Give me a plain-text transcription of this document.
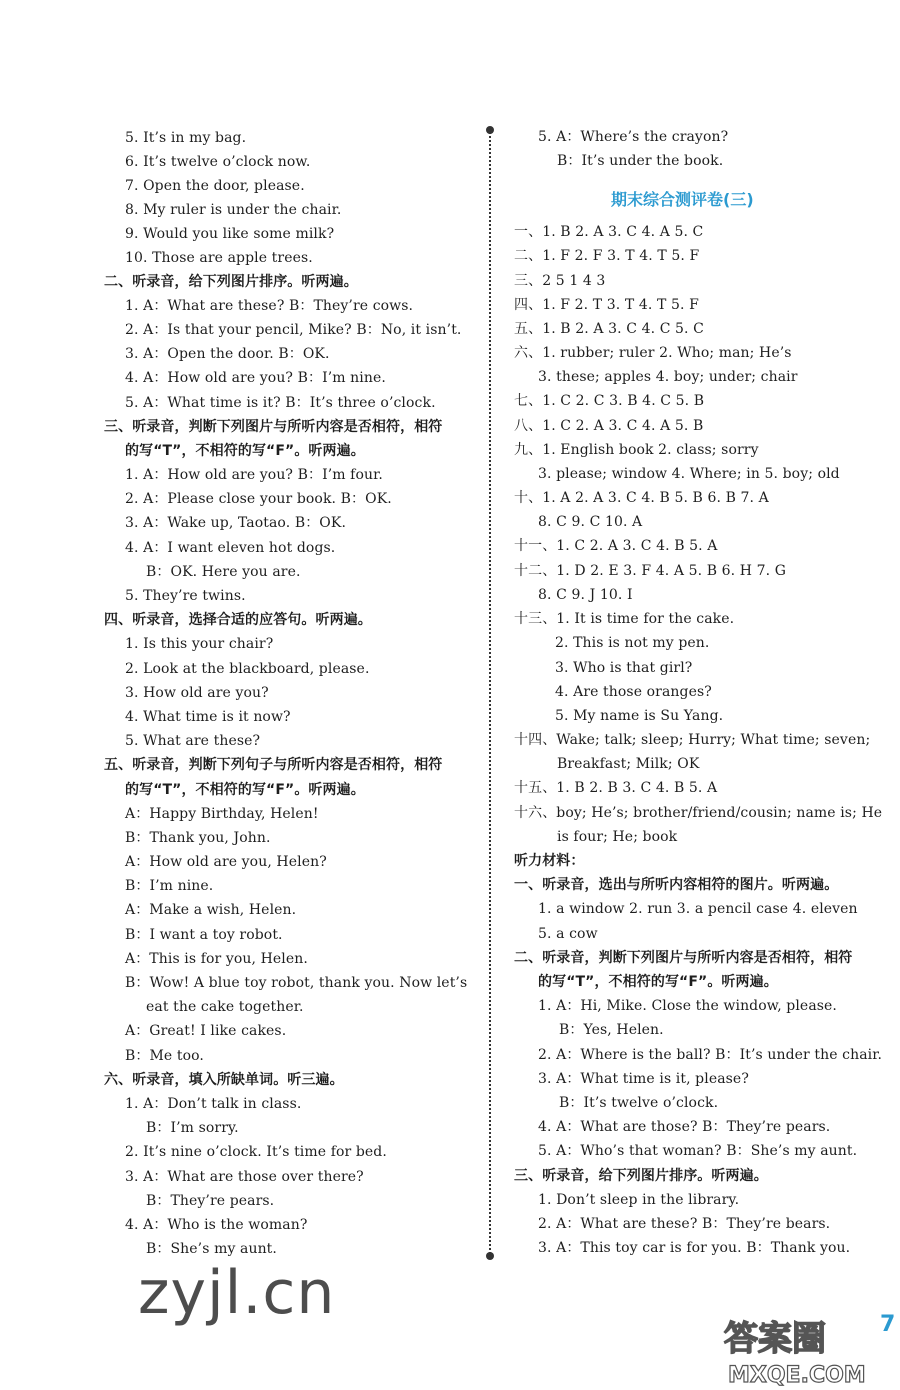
5. It’s in my bag.
6. It’s twelve o’clock now.
7. Open the door, please.
8. My ruler is under the chair.
9. Would you like some milk?
10. Those are apple trees.
二、听录音，给下列图片排序。听两遍。
1. A：What are these? B：They’re cows.
2. A：Is that your pencil, Mike? B：No, it isn’t.
3. A：Open the door. B：OK.
4. A：How old are you? B：I’m nine.
5. A：What time is it? B：It’s three o’clock.
三、听录音，判断下列图片与所听内容是否相符，相符
的写“T”，不相符的写“F”。听两遍。
1. A：How old are you? B：I’m four.
2. A：Please close your book. B：OK.
3. A：Wake up, Taotao. B：OK.
4. A：I want eleven hot dogs.
B：OK. Here you are.
5. They’re twins.
四、听录音，选择合适的应答句。听两遍。
1. Is this your chair?
2. Look at the blackboard, please.
3. How old are you?
4. What time is it now?
5. What are these?
五、听录音，判断下列句子与所听内容是否相符，相符
的写“T”，不相符的写“F”。听两遍。
A：Happy Birthday, Helen!
B：Thank you, John.
A：How old are you, Helen?
B：I’m nine.
A：Make a wish, Helen.
B：I want a toy robot.
A：This is for you, Helen.
B：Wow! A blue toy robot, thank you. Now let’s
eat the cake together.
A：Great! I like cakes.
B：Me too.
六、听录音，填入所缺单词。听三遍。
1. A：Don’t talk in class.
B：I’m sorry.
2. It’s nine o’clock. It’s time for bed.
3. A：What are those over there?
B：They’re pears.
4. A：Who is the woman?
B：She’s my aunt.
5. A：Where’s the crayon?
B：It’s under the book.
期末综合测评卷(三)
一、1. B 2. A 3. C 4. A 5. C
二、1. F 2. F 3. T 4. T 5. F
三、2 5 1 4 3
四、1. F 2. T 3. T 4. T 5. F
五、1. B 2. A 3. C 4. C 5. C
六、1. rubber; ruler 2. Who; man; He’s
3. these; apples 4. boy; under; chair
七、1. C 2. C 3. B 4. C 5. B
八、1. C 2. A 3. C 4. A 5. B
九、1. English book 2. class; sorry
3. please; window 4. Where; in 5. boy; old
十、1. A 2. A 3. C 4. B 5. B 6. B 7. A
8. C 9. C 10. A
十一、1. C 2. A 3. C 4. B 5. A
十二、1. D 2. E 3. F 4. A 5. B 6. H 7. G
8. C 9. J 10. I
十三、1. It is time for the cake.
2. This is not my pen.
3. Who is that girl?
4. Are those oranges?
5. My name is Su Yang.
十四、Wake; talk; sleep; Hurry; What time; seven;
Breakfast; Milk; OK
十五、1. B 2. B 3. C 4. B 5. A
十六、boy; He’s; brother/friend/cousin; name is; He
is four; He; book
听力材料：
一、听录音，选出与所听内容相符的图片。听两遍。
1. a window 2. run 3. a pencil case 4. eleven
5. a cow
二、听录音，判断下列图片与所听内容是否相符，相符
的写“T”，不相符的写“F”。听两遍。
1. A：Hi, Mike. Close the window, please.
B：Yes, Helen.
2. A：Where is the ball? B：It’s under the chair.
3. A：What time is it, please?
B：It’s twelve o’clock.
4. A：What are those? B：They’re pears.
5. A：Who’s that woman? B：She’s my aunt.
三、听录音，给下列图片排序。听两遍。
1. Don’t sleep in the library.
2. A：What are these? B：They’re bears.
3. A：This toy car is for you. B：Thank you.
zyjl.cn
答案圈
MXQE.COM
7
